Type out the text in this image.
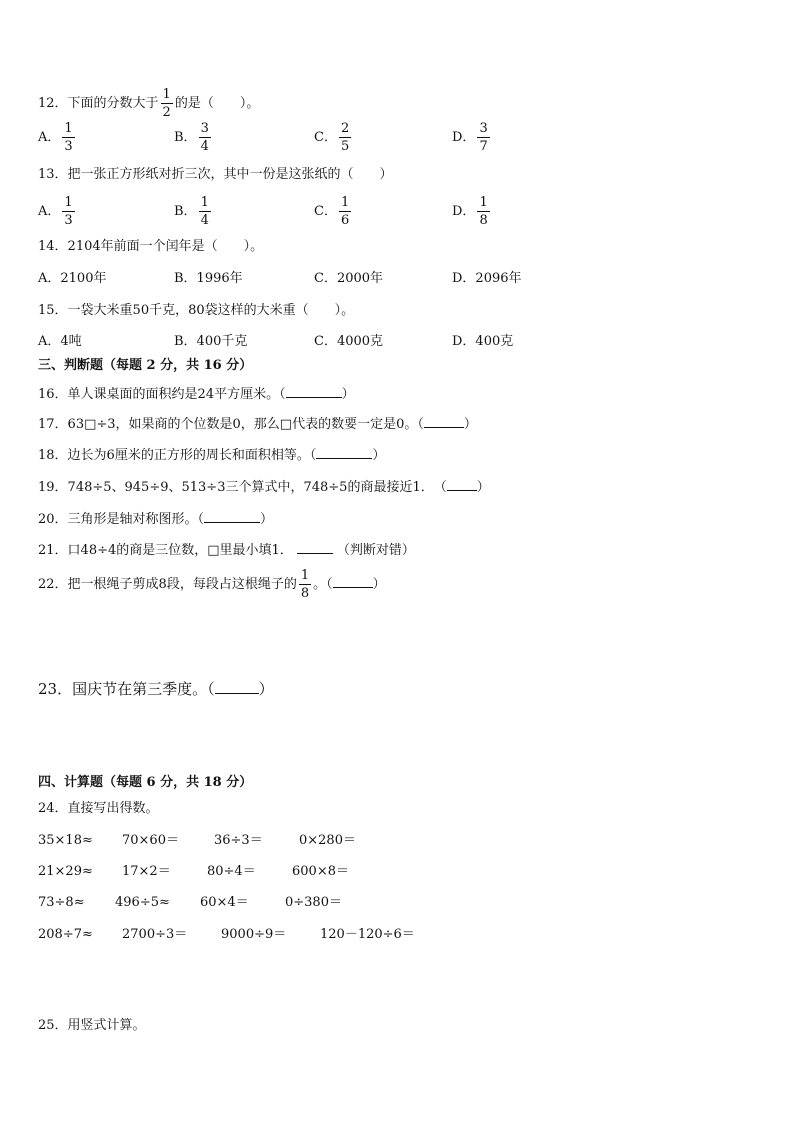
12．下面的分数大于 $\frac{1}{2}$ 的是（　　）。
A． $\frac{1}{3}$	B． $\frac{3}{4}$	C． $\frac{2}{5}$	D． $\frac{3}{7}$
13．把一张正方形纸对折三次，其中一份是这张纸的（　　）
A． $\frac{1}{3}$	B． $\frac{1}{4}$	C． $\frac{1}{6}$	D． $\frac{1}{8}$
14．2104年前面一个闰年是（　　）。
A．2100年	B．1996年	C．2000年	D．2096年
15．一袋大米重50千克，80袋这样的大米重（　　）。
A．4吨	B．400千克	C．4000克	D．400克
三、判断题（每题 2 分，共 16 分）
16．单人课桌面的面积约是24平方厘米。（	）
17．63□÷3，如果商的个位数是0，那么□代表的数要一定是0。（	）
18．边长为6厘米的正方形的周长和面积相等。（	）
19．748÷5、945÷9、513÷3三个算式中，748÷5的商最接近1．　（ ）
20．三角形是轴对称图形。（	）
21．口48÷4的商是三位数，□里最小填1．	（判断对错）
22．把一根绳子剪成8段，每段占这根绳子的 $\frac{1}{8}$ 。（	）
23．国庆节在第三季度。（	）
四、计算题（每题 6 分，共 18 分）
24．直接写出得数。
35×18≈ 70×60＝	36÷3＝	0×280＝
21×29≈ 17×2＝	80÷4＝	600×8＝
73÷8≈ 496÷5≈ 60×4＝	0÷380＝
208÷7≈ 2700÷3＝	9000÷9＝	120－120÷6＝
25．用竖式计算。
